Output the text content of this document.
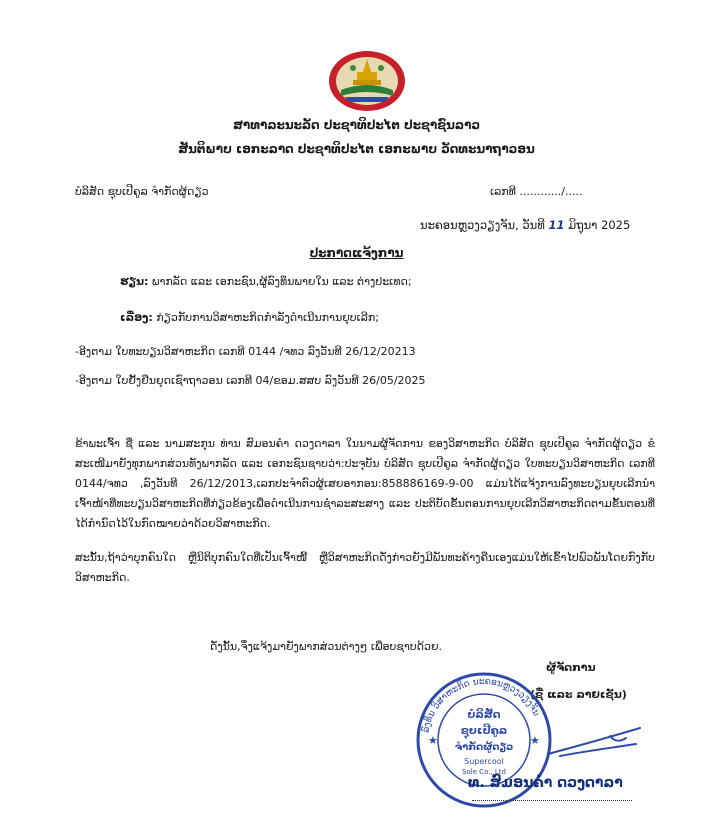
ສາທາລະນະລັດ ປະຊາທິປະໄຕ ປະຊາຊົນລາວ
ສັນຕິພາບ ເອກະລາດ ປະຊາທິປະໄຕ ເອກະພາບ ວັດທະນາຖາວອນ
ບໍລິສັດ ຊຸບເປີຄູລ ຈຳກັດຜູ້ດຽວ	ເລກທີ ............/.....
ນະຄອນຫຼວງວຽງຈັນ, ວັນທີ 11 ມິຖຸນາ 2025
ປະກາດແຈ້ງການ
ຮຽນ: ພາກລັດ ແລະ ເອກະຊົນ,ຜູ້ລົງທຶນພາຍໃນ ແລະ ຕ່າງປະເທດ;
ເລື່ອງ: ກ່ຽວກັບການວິສາຫະກິດກຳລັງດຳເນີນການຍຸບເລີກ;
-ອີງຕາມ ໃບທະບຽນວິສາຫະກິດ ເລກທີ 0144 /ຈທວ ລົງວັນທີ 26/12/20213
-ອີງຕາມ ໃບຢັ້ງຢືນຍຸດເຊົາຖາວອນ ເລກທີ 04/ຂອມ.ສສບ ລົງວັນທີ 26/05/2025
ຂ້າພະເຈົ້າ ຊື່ ແລະ ນາມສະກຸນ ທ່ານ ສົມອນຄຳ ດວງດາລາ ໃນນາມຜູ້ຈັດການ ຂອງວິສາຫະກິດ ບໍລິສັດ ຊຸບເປີຄູລ ຈຳກັດຜູ້ດຽວ ຂໍສະເໜີມາຍັງທຸກພາກສ່ວນທັງພາກລັດ ແລະ ເອກະຊົນຊາບວ່າ:ປະຈຸບັນ ບໍລິສັດ ຊຸບເປີຄູລ ຈຳກັດຜູ້ດຽວ ໃບທະບຽນວິສາຫະກິດ ເລກທີ 0144/ຈທວ ,ລົງວັນທີ 26/12/2013,ເລກປະຈຳຕົວຜູ້ເສຍອາກອນ:858886169-9-00 ແມ່ນໄດ້ແຈ້ງການລົງທະບຽນຍຸບເລີກນຳເຈົ້າໜ້າທີ່ທະບຽນວິສາຫະກິດທີ່ກ່ຽວຂ້ອງເພື່ອດຳເນີນການຊຳລະສະສາງ ແລະ ປະຕິບັດຂັ້ນຕອນການຍຸບເລີກວິສາຫະກິດຕາມຂັ້ນຕອນທີ່ໄດ້ກຳນົດໄວ້ໃນກົດໝາຍວ່າດ້ວຍວິສາຫະກິດ.
ສະນັ້ນ,ຖ້າວ່າບຸກຄົນໃດ ຫຼືນິຕິບຸກຄົນໃດທີ່ເປັນເຈົ້າໜີ້ ຫຼືວິສາຫະກິດດັ່ງກ່າວຍັງມີພັນທະຄ້າງຄືນເອງແມ່ນໃຫ້ເຂົ້າໄປພົວພັນໂດຍກົງກັບວິສາຫະກິດ.
ດັ່ງນັ້ນ,ຈຶ່ງແຈ້ງມາຍັງພາກສ່ວນຕ່າງໆ ເພື່ອບຊາບດ້ວຍ.
ຜູ້ຈັດການ
(ຊື່ ແລະ ລາຍເຊັນ)
ລົງທຶນ ວິສາຫະກິດ ນະຄອນຫຼວງວຽງຈັນ
ບໍລິສັດ
ຊຸບເປີຄູລ
ຈຳກັດຜູ້ດຽວ
Supercool
Sole Co., Ltd
★	★
ທ. ສົມອນຄຳ ດວງດາລາ
